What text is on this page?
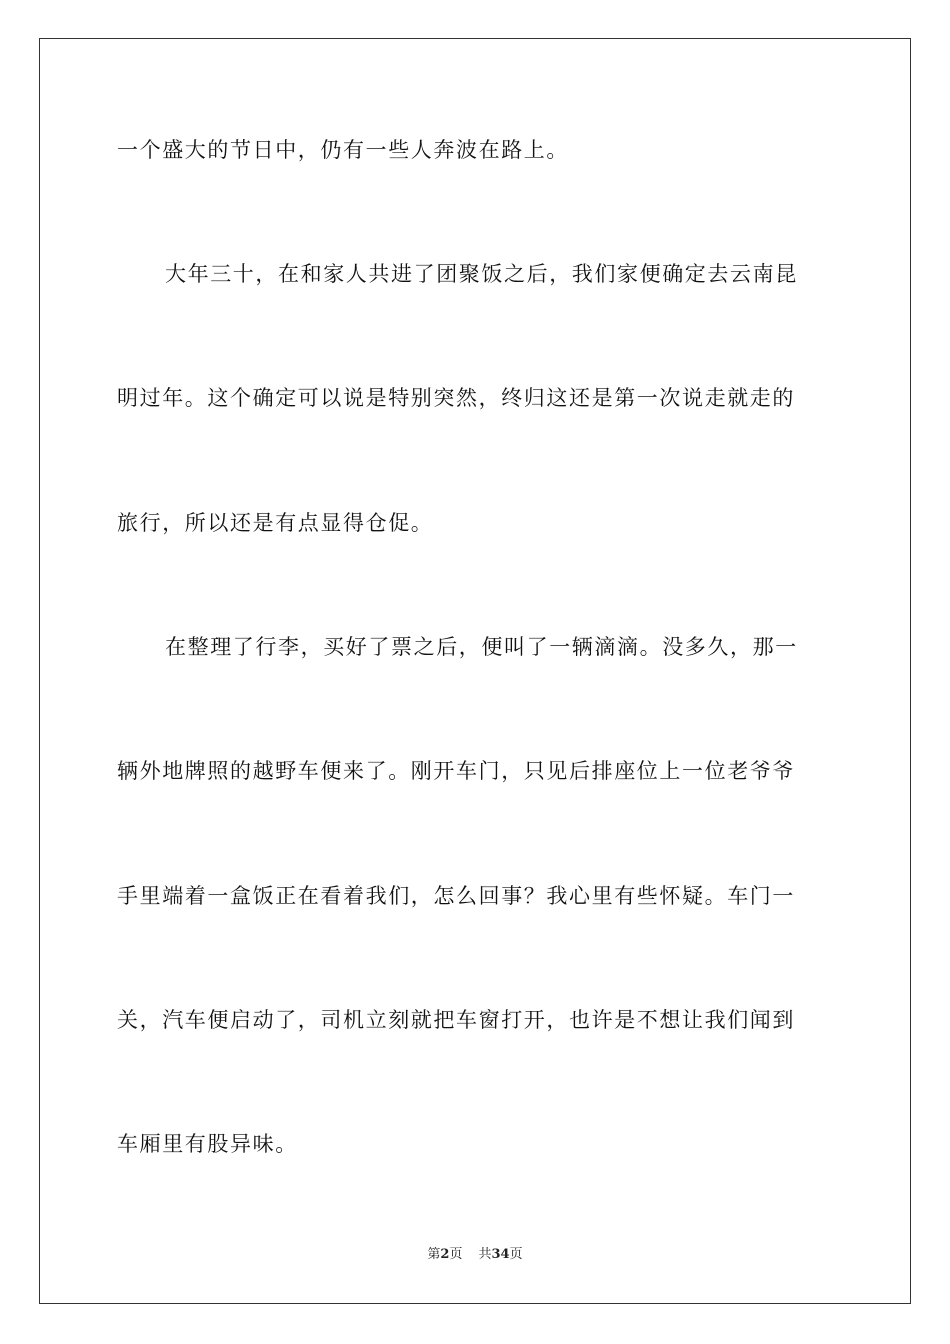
一个盛大的节日中，仍有一些人奔波在路上。
大年三十，在和家人共进了团聚饭之后，我们家便确定去云南昆
明过年。这个确定可以说是特别突然，终归这还是第一次说走就走的
旅行，所以还是有点显得仓促。
在整理了行李，买好了票之后，便叫了一辆滴滴。没多久，那一
辆外地牌照的越野车便来了。刚开车门，只见后排座位上一位老爷爷
手里端着一盒饭正在看着我们，怎么回事？我心里有些怀疑。车门一
关，汽车便启动了，司机立刻就把车窗打开，也许是不想让我们闻到
车厢里有股异味。
第2页 共34页
